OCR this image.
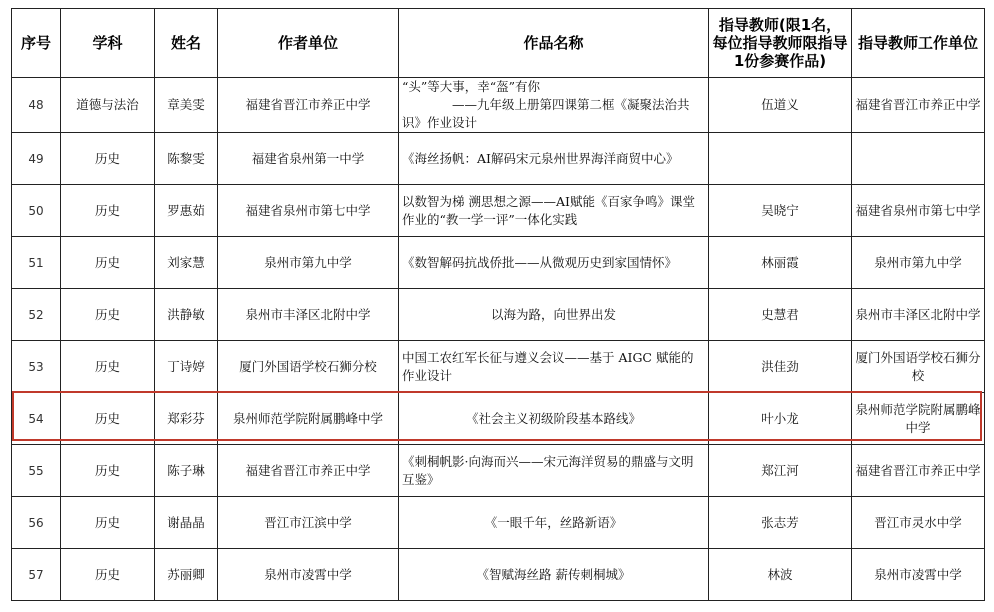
序号	学科	姓名	作者单位	作品名称	指导教师(限1名，每位指导教师限指导1份参赛作品)	指导教师工作单位
48	道德与法治	章美雯	福建省晋江市养正中学	“头”等大事，幸“盔”有你
　　　　——九年级上册第四课第二框《凝聚法治共识》作业设计	伍道义	福建省晋江市养正中学
49	历史	陈黎雯	福建省泉州第一中学	《海丝扬帆：AI解码宋元泉州世界海洋商贸中心》		
50	历史	罗惠茹	福建省泉州市第七中学	以数智为梯 溯思想之源——AI赋能《百家争鸣》课堂作业的“教一学一评”一体化实践	吴晓宁	福建省泉州市第七中学
51	历史	刘家慧	泉州市第九中学	《数智解码抗战侨批——从微观历史到家国情怀》	林丽霞	泉州市第九中学
52	历史	洪静敏	泉州市丰泽区北附中学	以海为路，向世界出发	史慧君	泉州市丰泽区北附中学
53	历史	丁诗婷	厦门外国语学校石狮分校	中国工农红军长征与遵义会议——基于 AIGC 赋能的作业设计	洪佳劲	厦门外国语学校石狮分校
54	历史	郑彩芬	泉州师范学院附属鹏峰中学	《社会主义初级阶段基本路线》	叶小龙	泉州师范学院附属鹏峰中学
55	历史	陈子琳	福建省晋江市养正中学	《刺桐帆影·向海而兴——宋元海洋贸易的鼎盛与文明互鉴》	郑江河	福建省晋江市养正中学
56	历史	谢晶晶	晋江市江滨中学	《一眼千年，丝路新语》	张志芳	晋江市灵水中学
57	历史	苏丽卿	泉州市凌霄中学	《智赋海丝路 薪传刺桐城》	林波	泉州市凌霄中学
